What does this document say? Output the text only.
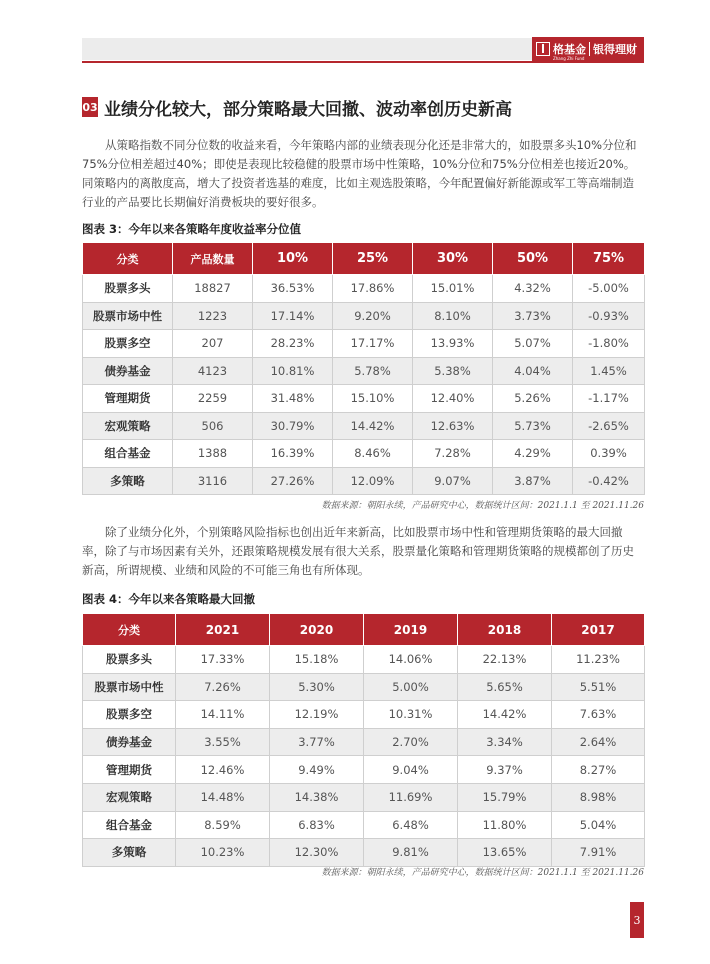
格基金
Zhang Zhi Fund
银得理财
03 业绩分化较大，部分策略最大回撤、波动率创历史新高

从策略指数不同分位数的收益来看，今年策略内部的业绩表现分化还是非常大的，如股票多头10%分位和75%分位相差超过40%；即使是表现比较稳健的股票市场中性策略，10%分位和75%分位相差也接近20%。同策略内的离散度高，增大了投资者选基的难度，比如主观选股策略，今年配置偏好新能源或军工等高端制造行业的产品要比长期偏好消费板块的要好很多。

图表 3：今年以来各策略年度收益率分位值
分类	产品数量	10%	25%	30%	50%	75%
股票多头	18827	36.53%	17.86%	15.01%	4.32%	-5.00%
股票市场中性	1223	17.14%	9.20%	8.10%	3.73%	-0.93%
股票多空	207	28.23%	17.17%	13.93%	5.07%	-1.80%
债券基金	4123	10.81%	5.78%	5.38%	4.04%	1.45%
管理期货	2259	31.48%	15.10%	12.40%	5.26%	-1.17%
宏观策略	506	30.79%	14.42%	12.63%	5.73%	-2.65%
组合基金	1388	16.39%	8.46%	7.28%	4.29%	0.39%
多策略	3116	27.26%	12.09%	9.07%	3.87%	-0.42%
数据来源：朝阳永续，产品研究中心，数据统计区间：2021.1.1 至 2021.11.26

除了业绩分化外，个别策略风险指标也创出近年来新高，比如股票市场中性和管理期货策略的最大回撤率，除了与市场因素有关外，还跟策略规模发展有很大关系，股票量化策略和管理期货策略的规模都创了历史新高，所谓规模、业绩和风险的不可能三角也有所体现。

图表 4：今年以来各策略最大回撤
分类	2021	2020	2019	2018	2017
股票多头	17.33%	15.18%	14.06%	22.13%	11.23%
股票市场中性	7.26%	5.30%	5.00%	5.65%	5.51%
股票多空	14.11%	12.19%	10.31%	14.42%	7.63%
债券基金	3.55%	3.77%	2.70%	3.34%	2.64%
管理期货	12.46%	9.49%	9.04%	9.37%	8.27%
宏观策略	14.48%	14.38%	11.69%	15.79%	8.98%
组合基金	8.59%	6.83%	6.48%	11.80%	5.04%
多策略	10.23%	12.30%	9.81%	13.65%	7.91%
数据来源：朝阳永续，产品研究中心，数据统计区间：2021.1.1 至 2021.11.26
3
